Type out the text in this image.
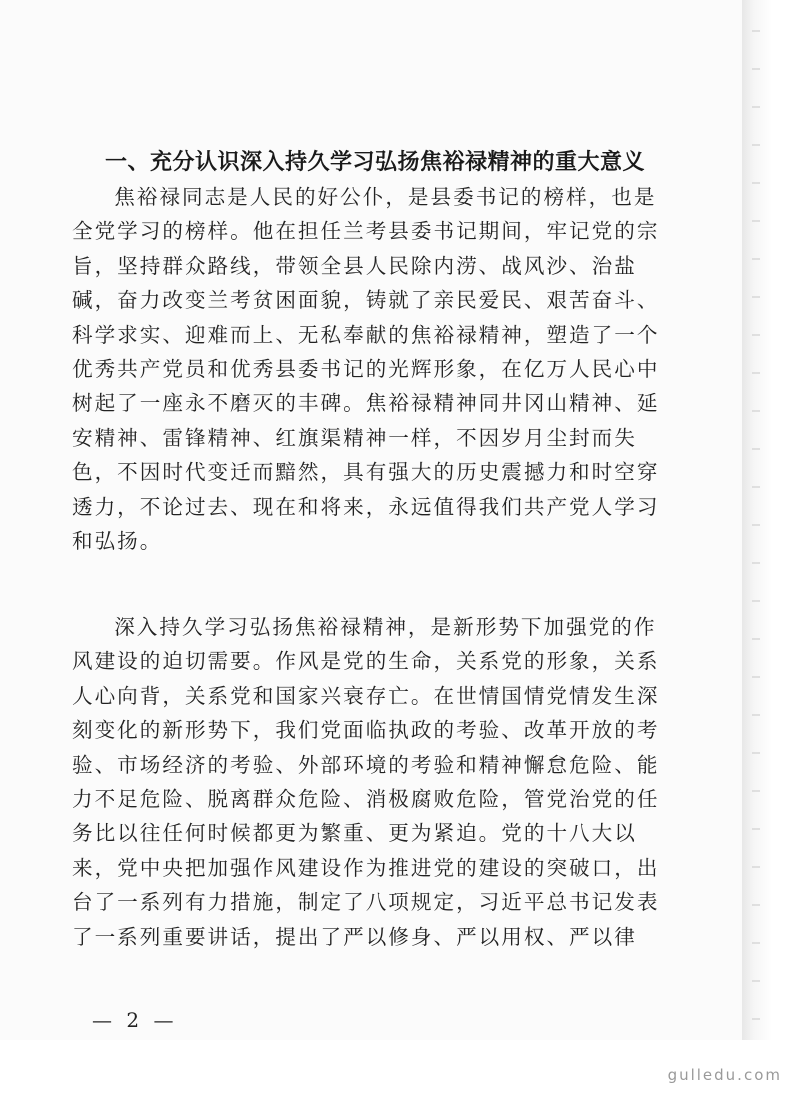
一、充分认识深入持久学习弘扬焦裕禄精神的重大意义

焦裕禄同志是人民的好公仆，是县委书记的榜样，也是全党学习的榜样。他在担任兰考县委书记期间，牢记党的宗旨，坚持群众路线，带领全县人民除内涝、战风沙、治盐碱，奋力改变兰考贫困面貌，铸就了亲民爱民、艰苦奋斗、科学求实、迎难而上、无私奉献的焦裕禄精神，塑造了一个优秀共产党员和优秀县委书记的光辉形象，在亿万人民心中树起了一座永不磨灭的丰碑。焦裕禄精神同井冈山精神、延安精神、雷锋精神、红旗渠精神一样，不因岁月尘封而失色，不因时代变迁而黯然，具有强大的历史震撼力和时空穿透力，不论过去、现在和将来，永远值得我们共产党人学习和弘扬。

深入持久学习弘扬焦裕禄精神，是新形势下加强党的作风建设的迫切需要。作风是党的生命，关系党的形象，关系人心向背，关系党和国家兴衰存亡。在世情国情党情发生深刻变化的新形势下，我们党面临执政的考验、改革开放的考验、市场经济的考验、外部环境的考验和精神懈怠危险、能力不足危险、脱离群众危险、消极腐败危险，管党治党的任务比以往任何时候都更为繁重、更为紧迫。党的十八大以来，党中央把加强作风建设作为推进党的建设的突破口，出台了一系列有力措施，制定了八项规定，习近平总书记发表了一系列重要讲话，提出了严以修身、严以用权、严以律

— 2 —
gulledu.com
